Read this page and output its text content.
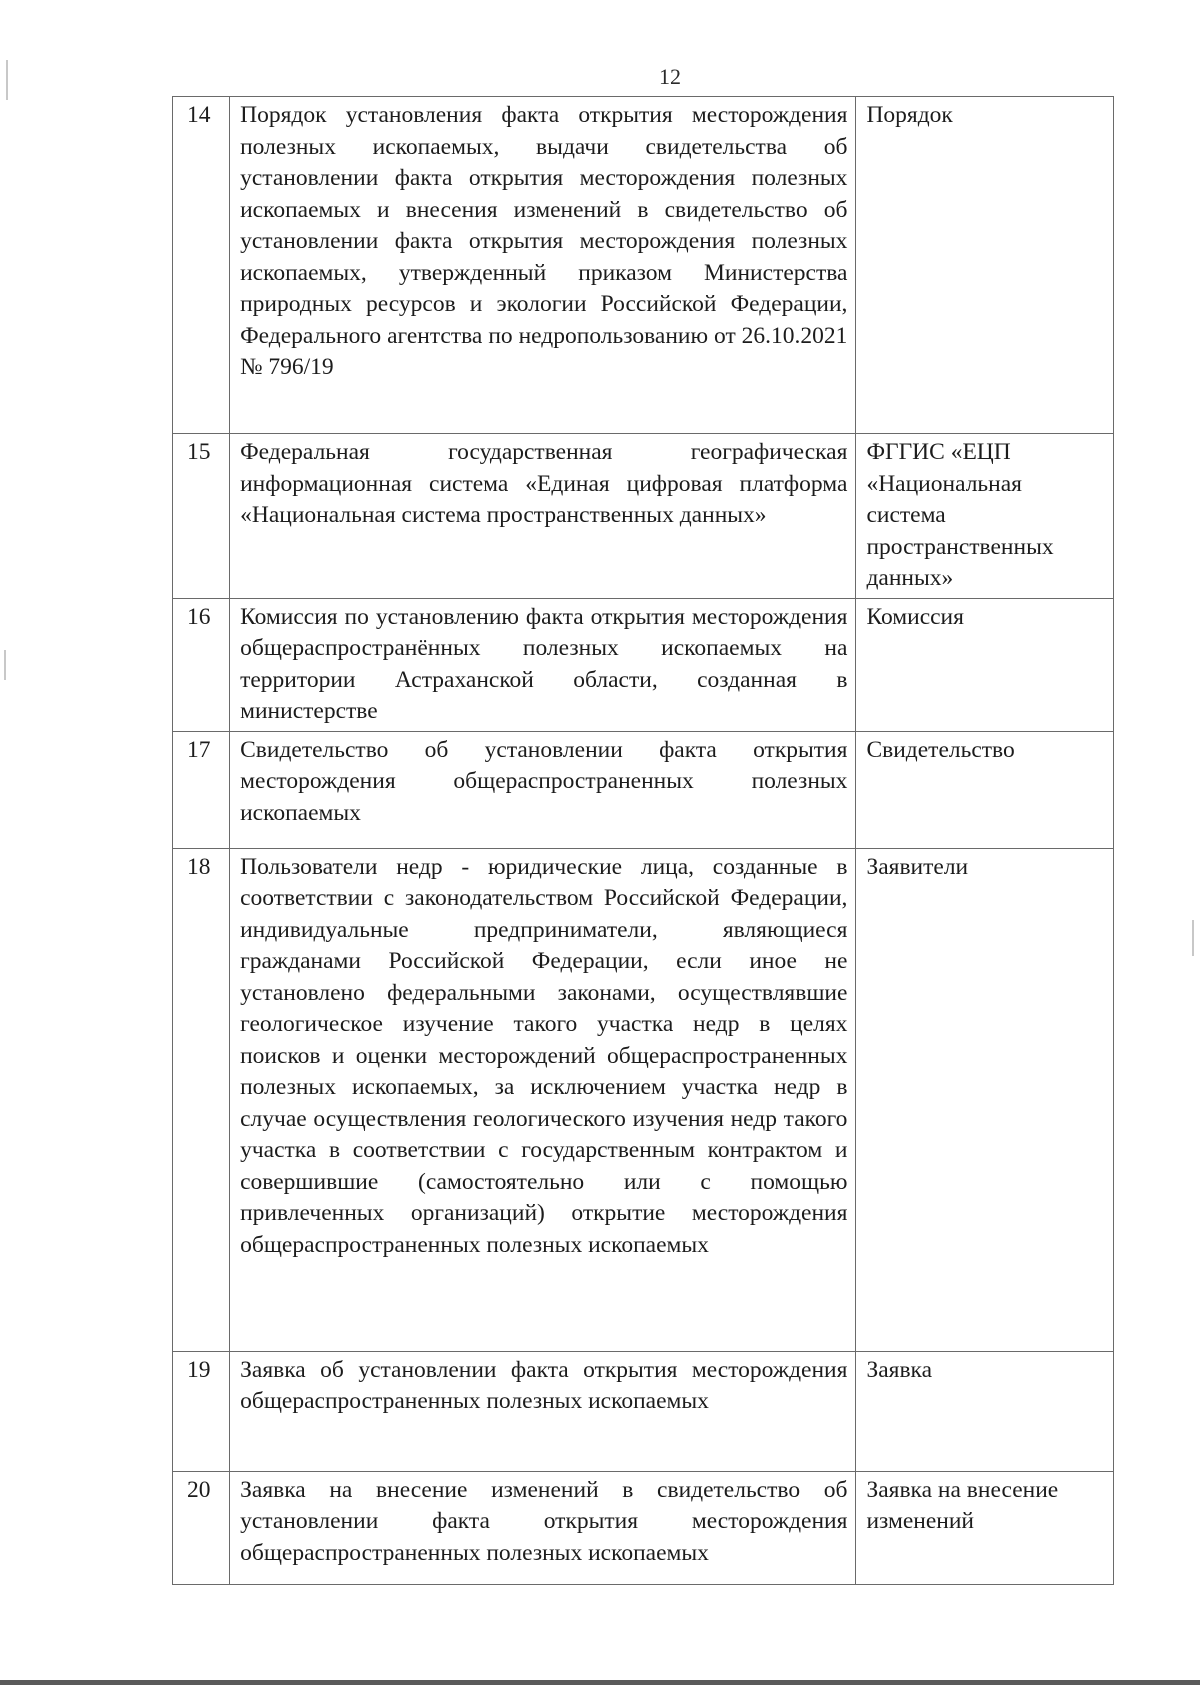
12
14	Порядок установления факта открытия месторождения полезных ископаемых, выдачи свидетельства об установлении факта открытия месторождения полезных ископаемых и внесения изменений в свидетельство об установлении факта открытия месторождения полезных ископаемых, утвержденный приказом Министерства природных ресурсов и экологии Российской Федерации, Федерального агентства по недропользованию от 26.10.2021 № 796/19	Порядок
15	Федеральная государственная географическая информационная система «Единая цифровая платформа «Национальная система пространственных данных»	ФГГИС «ЕЦП «Национальная система пространственных данных»
16	Комиссия по установлению факта открытия месторождения общераспространённых полезных ископаемых на территории Астраханской области, созданная в министерстве	Комиссия
17	Свидетельство об установлении факта открытия месторождения общераспространенных полезных ископаемых	Свидетельство
18	Пользователи недр - юридические лица, созданные в соответствии с законодательством Российской Федерации, индивидуальные предприниматели, являющиеся гражданами Российской Федерации, если иное не установлено федеральными законами, осуществлявшие геологическое изучение такого участка недр в целях поисков и оценки месторождений общераспространенных полезных ископаемых, за исключением участка недр в случае осуществления геологического изучения недр такого участка в соответствии с государственным контрактом и совершившие (самостоятельно или с помощью привлеченных организаций) открытие месторождения общераспространенных полезных ископаемых	Заявители
19	Заявка об установлении факта открытия месторождения общераспространенных полезных ископаемых	Заявка
20	Заявка на внесение изменений в свидетельство об установлении факта открытия месторождения общераспространенных полезных ископаемых	Заявка на внесение изменений
